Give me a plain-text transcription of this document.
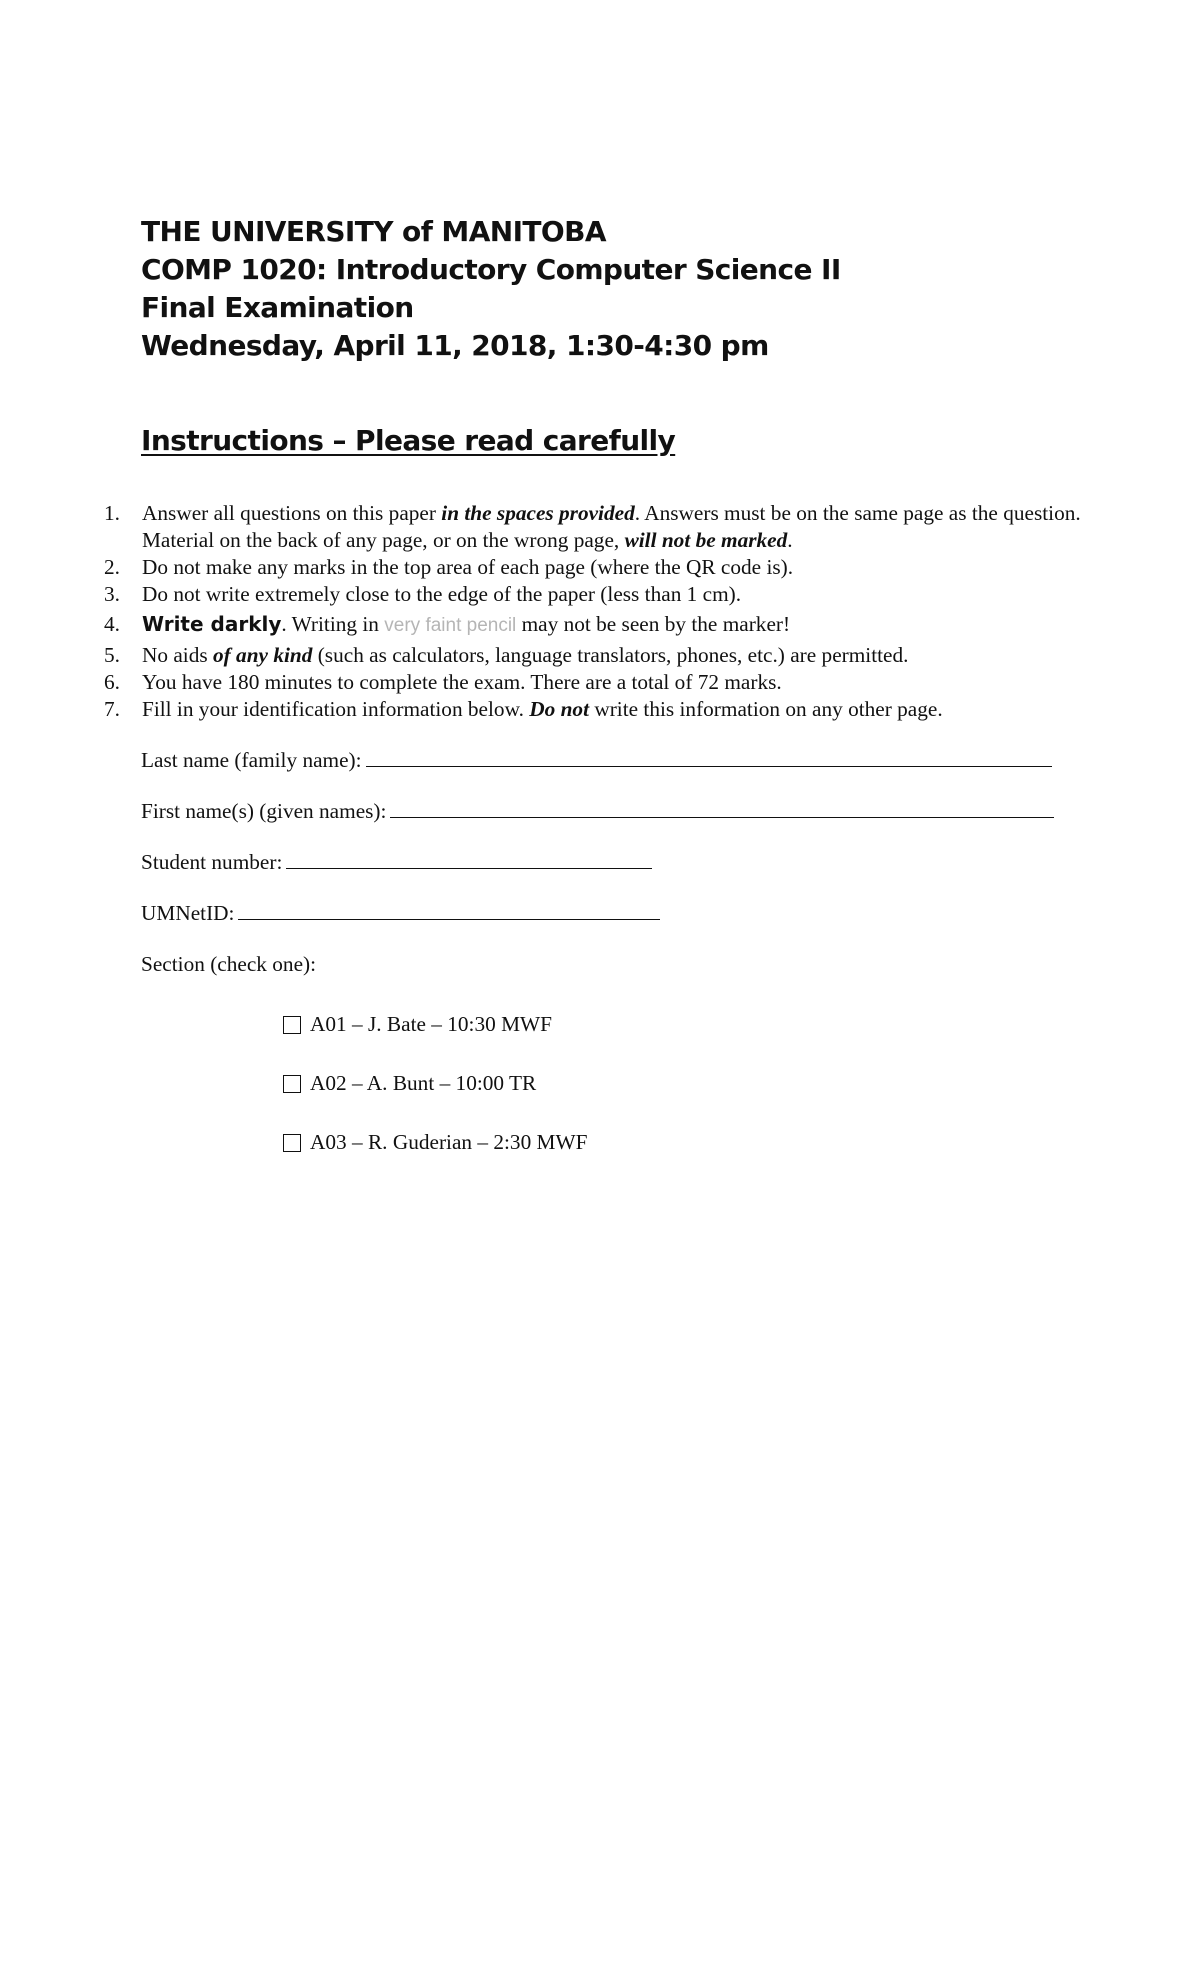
THE UNIVERSITY of MANITOBA
COMP 1020: Introductory Computer Science II
Final Examination
Wednesday, April 11, 2018, 1:30-4:30 pm
Instructions – Please read carefully
1. Answer all questions on this paper in the spaces provided. Answers must be on the same page as the question. Material on the back of any page, or on the wrong page, will not be marked.
2. Do not make any marks in the top area of each page (where the QR code is).
3. Do not write extremely close to the edge of the paper (less than 1 cm).
4. Write darkly. Writing in very faint pencil may not be seen by the marker!
5. No aids of any kind (such as calculators, language translators, phones, etc.) are permitted.
6. You have 180 minutes to complete the exam. There are a total of 72 marks.
7. Fill in your identification information below. Do not write this information on any other page.
Last name (family name):
First name(s) (given names):
Student number:
UMNetID:
Section (check one):
A01 – J. Bate – 10:30 MWF
A02 – A. Bunt – 10:00 TR
A03 – R. Guderian – 2:30 MWF
